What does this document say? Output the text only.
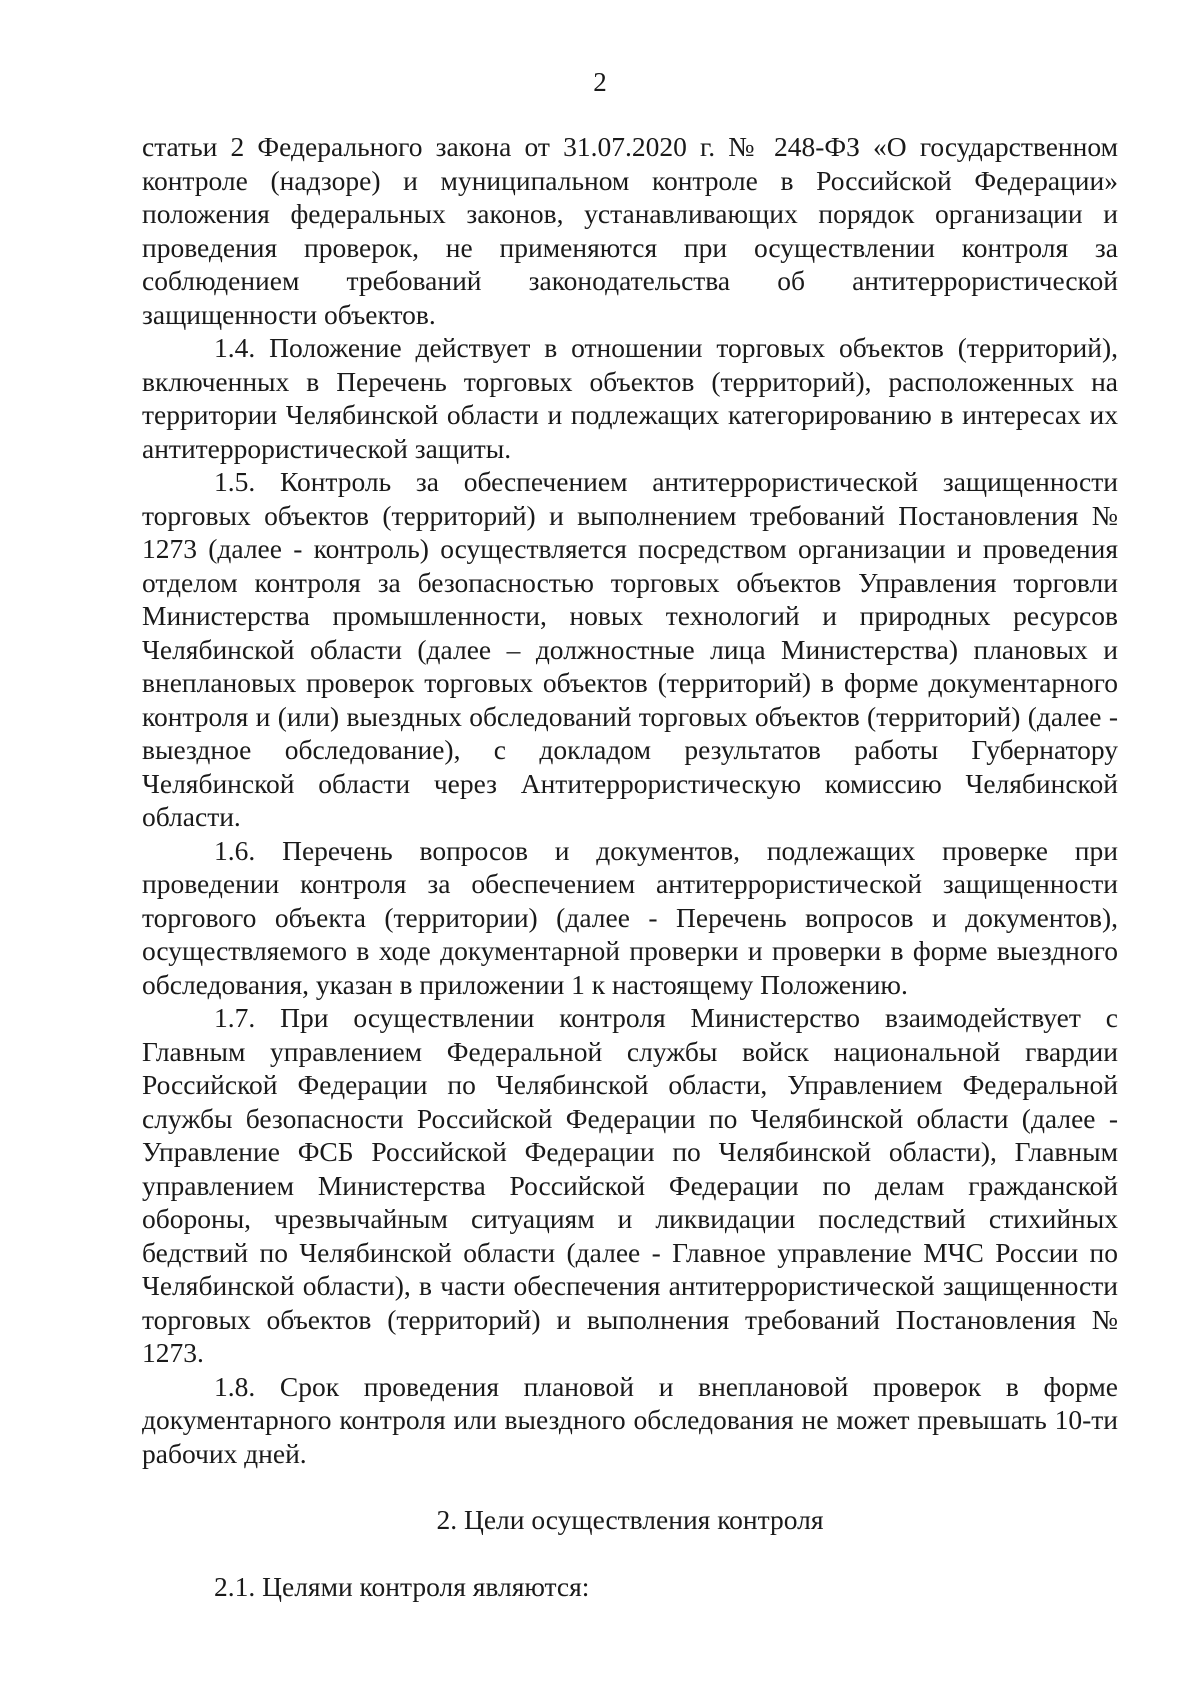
2

статьи 2 Федерального закона от 31.07.2020 г. № 248-ФЗ «О государственном контроле (надзоре) и муниципальном контроле в Российской Федерации» положения федеральных законов, устанавливающих порядок организации и проведения проверок, не применяются при осуществлении контроля за соблюдением требований законодательства об антитеррористической защищенности объектов.

1.4. Положение действует в отношении торговых объектов (территорий), включенных в Перечень торговых объектов (территорий), расположенных на территории Челябинской области и подлежащих категорированию в интересах их антитеррористической защиты.

1.5. Контроль за обеспечением антитеррористической защищенности торговых объектов (территорий) и выполнением требований Постановления № 1273 (далее - контроль) осуществляется посредством организации и проведения отделом контроля за безопасностью торговых объектов Управления торговли Министерства промышленности, новых технологий и природных ресурсов Челябинской области (далее – должностные лица Министерства) плановых и внеплановых проверок торговых объектов (территорий) в форме документарного контроля и (или) выездных обследований торговых объектов (территорий) (далее - выездное обследование), с докладом результатов работы Губернатору Челябинской области через Антитеррористическую комиссию Челябинской области.

1.6. Перечень вопросов и документов, подлежащих проверке при проведении контроля за обеспечением антитеррористической защищенности торгового объекта (территории) (далее - Перечень вопросов и документов), осуществляемого в ходе документарной проверки и проверки в форме выездного обследования, указан в приложении 1 к настоящему Положению.

1.7. При осуществлении контроля Министерство взаимодействует с Главным управлением Федеральной службы войск национальной гвардии Российской Федерации по Челябинской области, Управлением Федеральной службы безопасности Российской Федерации по Челябинской области (далее - Управление ФСБ Российской Федерации по Челябинской области), Главным управлением Министерства Российской Федерации по делам гражданской обороны, чрезвычайным ситуациям и ликвидации последствий стихийных бедствий по Челябинской области (далее - Главное управление МЧС России по Челябинской области), в части обеспечения антитеррористической защищенности торговых объектов (территорий) и выполнения требований Постановления № 1273.

1.8. Срок проведения плановой и внеплановой проверок в форме документарного контроля или выездного обследования не может превышать 10-ти рабочих дней.

2. Цели осуществления контроля

2.1. Целями контроля являются:
